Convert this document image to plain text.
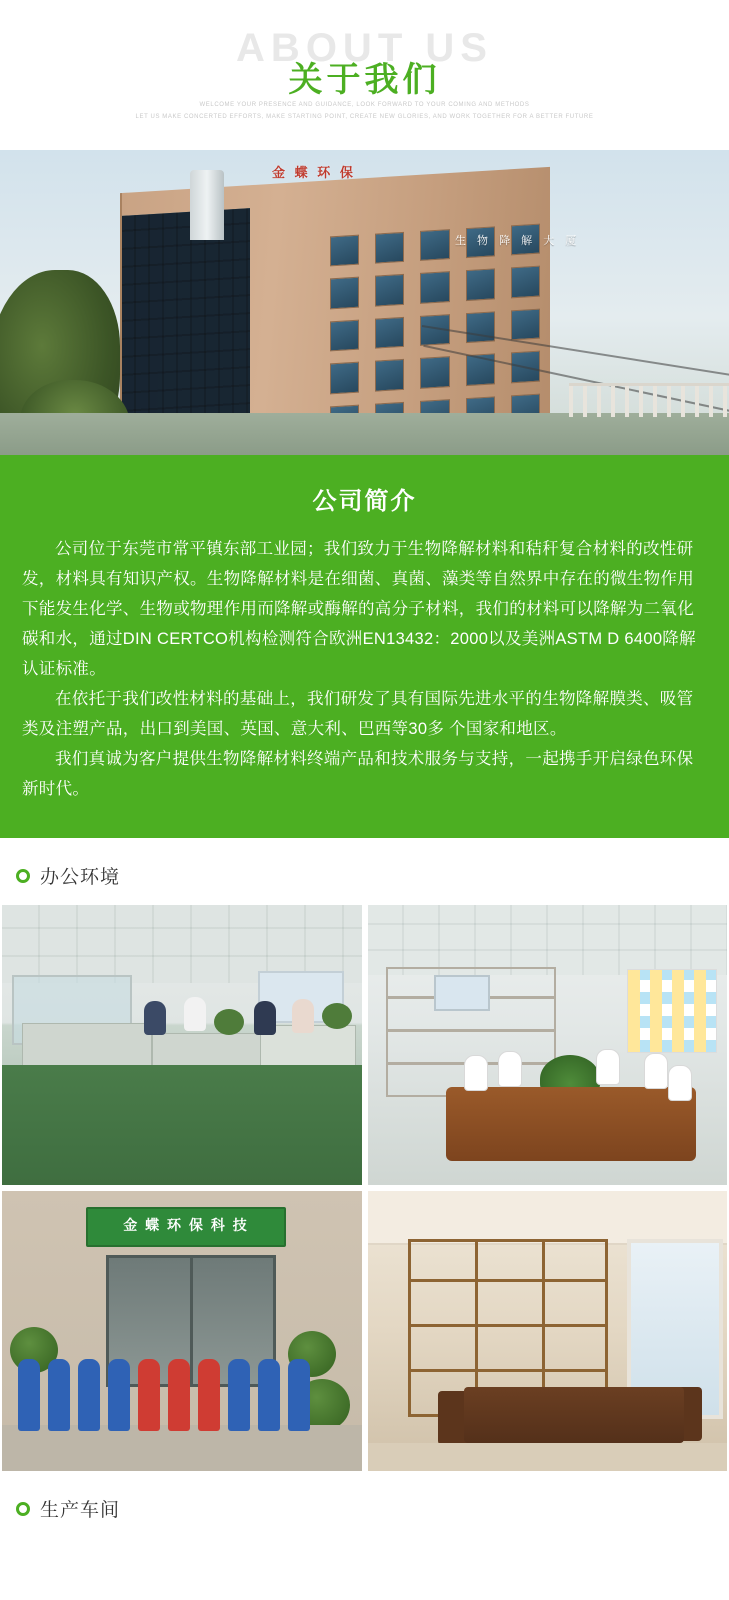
ABOUT US
关于我们
WELCOME YOUR PRESENCE AND GUIDANCE, LOOK FORWARD TO YOUR COMING AND METHODS
LET US MAKE CONCERTED EFFORTS, MAKE STARTING POINT, CREATE NEW GLORIES, AND WORK TOGETHER FOR A BETTER FUTURE
金 蝶 环 保
生 物 降 解 大 厦
公司简介

公司位于东莞市常平镇东部工业园；我们致力于生物降解材料和秸秆复合材料的改性研发，材料具有知识产权。生物降解材料是在细菌、真菌、藻类等自然界中存在的微生物作用下能发生化学、生物或物理作用而降解或酶解的高分子材料，我们的材料可以降解为二氧化碳和水，通过DIN CERTCO机构检测符合欧洲EN13432：2000以及美洲ASTM D 6400降解认证标准。

在依托于我们改性材料的基础上，我们研发了具有国际先进水平的生物降解膜类、吸管类及注塑产品，出口到美国、英国、意大利、巴西等30多 个国家和地区。

我们真诚为客户提供生物降解材料终端产品和技术服务与支持，一起携手开启绿色环保新时代。

办公环境
金 蝶 环 保 科 技
生产车间
